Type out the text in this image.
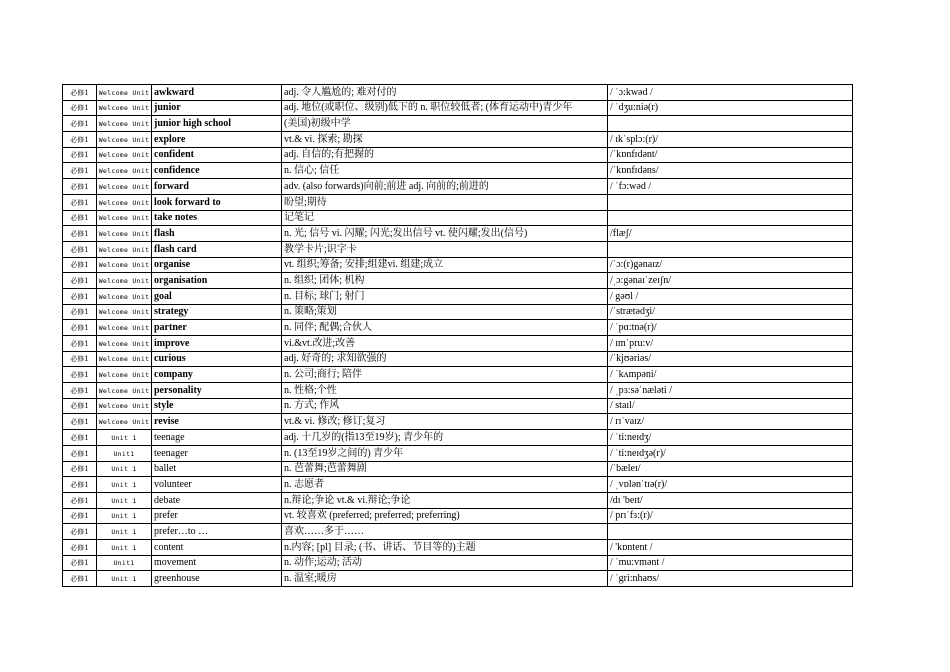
必修1	Welcome Unit	awkward	adj. 令人尴尬的; 难对付的	/ ˈɔ:kwəd /
必修1	Welcome Unit	junior	adj. 地位(或职位、级别)低下的 n. 职位较低者; (体育运动中)青少年	/ ˈdʒu:niə(r)
必修1	Welcome Unit	junior high school	(美国)初级中学	
必修1	Welcome Unit	explore	vt.& vi. 探索; 勘探	/ ɪkˈsplɔ:(r)/
必修1	Welcome Unit	confident	adj. 自信的;有把握的	/ˈkɒnfɪdənt/
必修1	Welcome Unit	confidence	n. 信心; 信任	/ˈkɒnfɪdəns/
必修1	Welcome Unit	forward	adv. (also forwards)向前;前进 adj. 向前的;前进的	/ ˈfɔ:wəd /
必修1	Welcome Unit	look forward to	盼望;期待	
必修1	Welcome Unit	take notes	记笔记	
必修1	Welcome Unit	flash	n. 光; 信号 vi. 闪耀; 闪光;发出信号 vt. 使闪耀;发出(信号)	/flæʃ/
必修1	Welcome Unit	flash card	教学卡片;识字卡	
必修1	Welcome Unit	organise	vt. 组织;筹备; 安排;组建vi. 组建;成立	/ˈɔ:(r)gənaɪz/
必修1	Welcome Unit	organisation	n. 组织; 团体; 机构	/ˌɔ:gənaɪˈzeɪʃn/
必修1	Welcome Unit	goal	n. 目标; 球门; 射门	/ gəʊl /
必修1	Welcome Unit	strategy	n. 策略;策划	/ˈstrætədʒi/
必修1	Welcome Unit	partner	n. 同伴; 配偶;合伙人	/ ˈpɑ:tnə(r)/
必修1	Welcome Unit	improve	vi.&vt.改进;改善	/ ɪmˈpru:v/
必修1	Welcome Unit	curious	adj. 好奇的; 求知欲强的	/ˈkjʊəriəs/
必修1	Welcome Unit	company	n. 公司;商行; 陪伴	/ ˈkʌmpəni/
必修1	Welcome Unit	personality	n. 性格;个性	/ ˌpɜ:səˈnæləti /
必修1	Welcome Unit	style	n. 方式; 作风	/ staɪl/
必修1	Welcome Unit	revise	vt.& vi. 修改; 修订;复习	/ rɪˈvaɪz/
必修1	Unit 1	teenage	adj. 十几岁的(指13至19岁); 青少年的	/ ˈti:neɪdʒ/
必修1	Unit1	teenager	n. (13至19岁之间的) 青少年	/ ˈti:neɪdʒə(r)/
必修1	Unit 1	ballet	n. 芭蕾舞;芭蕾舞剧	/ˈbæleɪ/
必修1	Unit 1	volunteer	n. 志愿者	/ ˌvɒlənˈtɪə(r)/
必修1	Unit 1	debate	n.辩论;争论 vt.& vi.辩论;争论	/dɪ 'beɪt/
必修1	Unit 1	prefer	vt. 较喜欢 (preferred; preferred; preferring)	/ prɪˈfɜ:(r)/
必修1	Unit 1	prefer…to …	喜欢……多于……	
必修1	Unit 1	content	n.内容; [pl] 目录; (书、讲话、节目等的)主题	/ 'kɒntent /
必修1	Unit1	movement	n. 动作;运动; 活动	/ ˈmu:vmənt /
必修1	Unit 1	greenhouse	n. 温室;暖房	/ ˈgri:nhaʊs/
